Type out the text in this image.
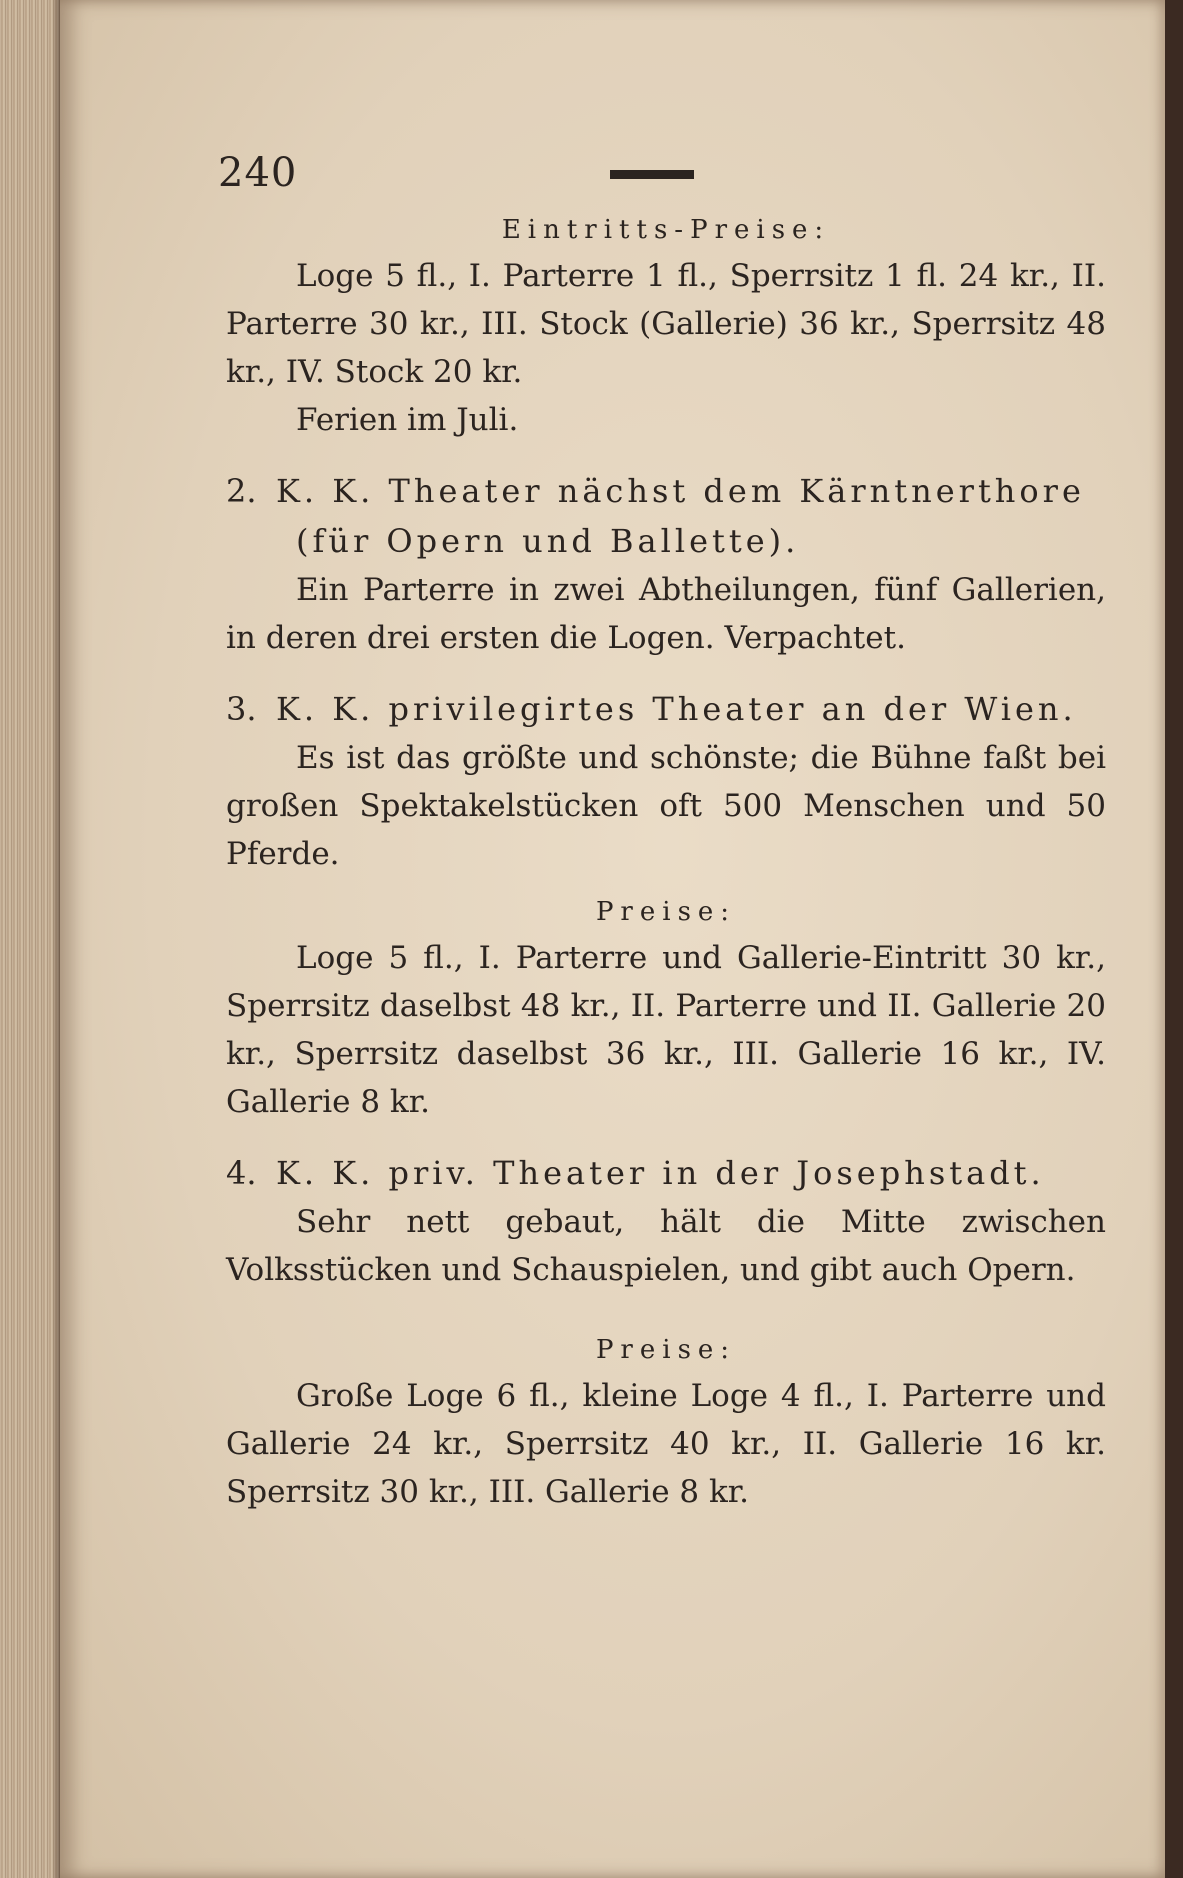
240
Eintritts-Preise:
Loge 5 fl., I. Parterre 1 fl., Sperrsitz 1 fl. 24 kr., II. Parterre 30 kr., III. Stock (Gallerie) 36 kr., Sperrsitz 48 kr., IV. Stock 20 kr.
Ferien im Juli.
2. K. K. Theater nächst dem Kärntnerthore (für Opern und Ballette).
Ein Parterre in zwei Abtheilungen, fünf Gallerien, in deren drei ersten die Logen. Verpachtet.
3. K. K. privilegirtes Theater an der Wien.
Es ist das größte und schönste; die Bühne faßt bei großen Spektakelstücken oft 500 Menschen und 50 Pferde.
Preise:
Loge 5 fl., I. Parterre und Gallerie-Eintritt 30 kr., Sperrsitz daselbst 48 kr., II. Parterre und II. Gallerie 20 kr., Sperrsitz daselbst 36 kr., III. Gallerie 16 kr., IV. Gallerie 8 kr.
4. K. K. priv. Theater in der Josephstadt.
Sehr nett gebaut, hält die Mitte zwischen Volksstücken und Schauspielen, und gibt auch Opern.
Preise:
Große Loge 6 fl., kleine Loge 4 fl., I. Parterre und Gallerie 24 kr., Sperrsitz 40 kr., II. Gallerie 16 kr. Sperrsitz 30 kr., III. Gallerie 8 kr.
